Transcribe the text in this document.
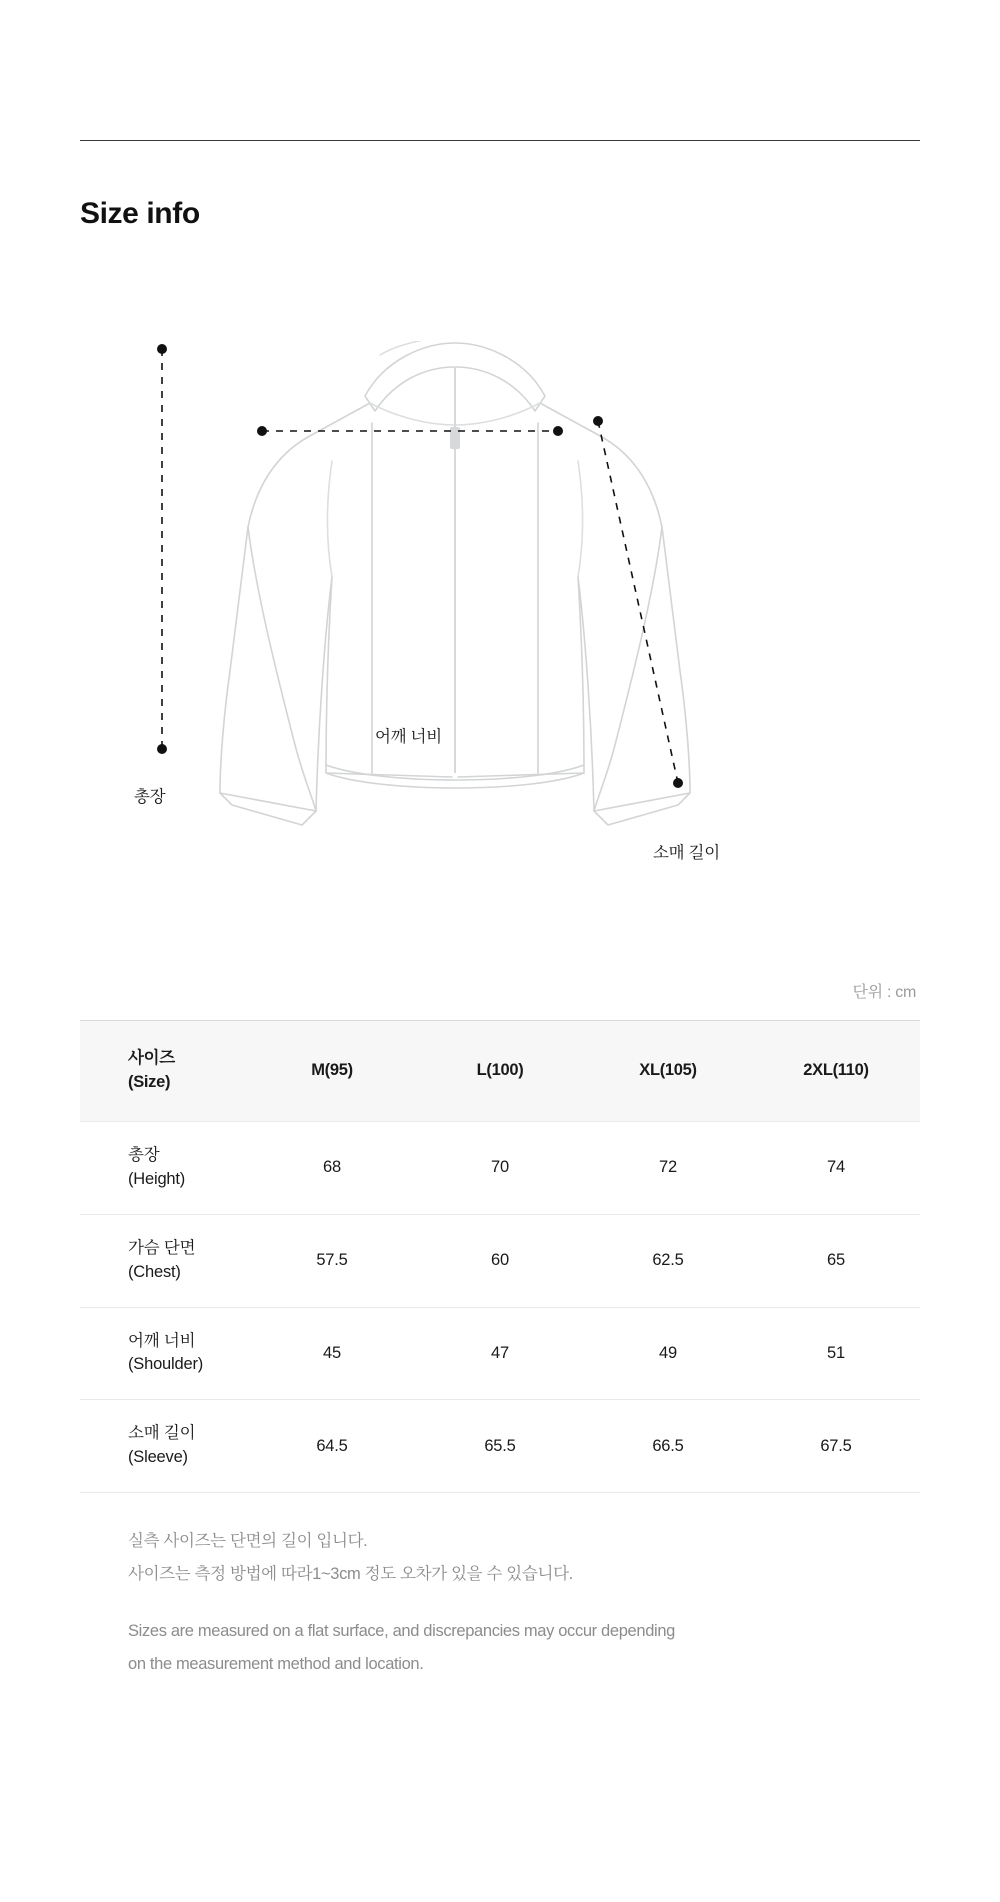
Size info
총장
어깨 너비
소매 길이
단위 : cm
사이즈
(Size)	M(95)	L(100)	XL(105)	2XL(110)

총장
(Height)	68	70	72	74

가슴 단면
(Chest)	57.5	60	62.5	65

어깨 너비
(Shoulder)	45	47	49	51

소매 길이
(Sleeve)	64.5	65.5	66.5	67.5

실측 사이즈는 단면의 길이 입니다.

사이즈는 측정 방법에 따라1~3cm 정도 오차가 있을 수 있습니다.

Sizes are measured on a flat surface, and discrepancies may occur depending

on the measurement method and location.
